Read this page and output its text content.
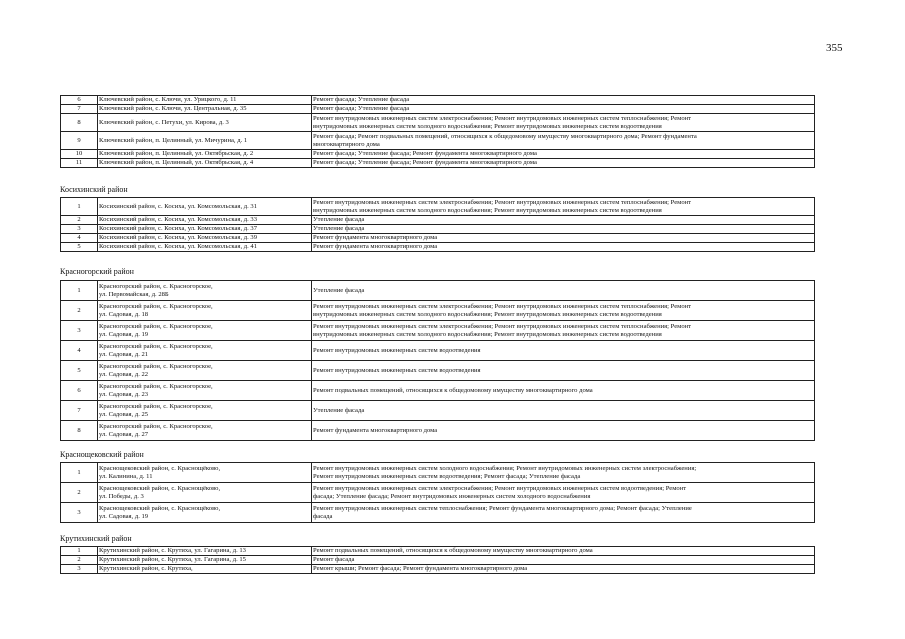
355
6	Ключевский район, с. Ключи, ул. Урицкого, д. 11	Ремонт фасада; Утепление фасада
7	Ключевский район, с. Ключи, ул. Центральная, д. 35	Ремонт фасада; Утепление фасада
8	Ключевский район, с. Петухи, ул. Кирова, д. 3	Ремонт внутридомовых инженерных систем электроснабжения; Ремонт внутридомовых инженерных систем теплоснабжения; Ремонт
внутридомовых инженерных систем холодного водоснабжения; Ремонт внутридомовых инженерных систем водоотведения
9	Ключевский район, п. Целинный, ул. Мичурина, д. 1	Ремонт фасада; Ремонт подвальных помещений, относящихся к общедомовому имуществу многоквартирного дома; Ремонт фундамента
многоквартирного дома
10	Ключевский район, п. Целинный, ул. Октябрьская, д. 2	Ремонт фасада; Утепление фасада; Ремонт фундамента многоквартирного дома
11	Ключевский район, п. Целинный, ул. Октябрьская, д. 4	Ремонт фасада; Утепление фасада; Ремонт фундамента многоквартирного дома
Косихинский район
1	Косихинский район, с. Косиха, ул. Комсомольская, д. 31	Ремонт внутридомовых инженерных систем электроснабжения; Ремонт внутридомовых инженерных систем теплоснабжения; Ремонт
внутридомовых инженерных систем холодного водоснабжения; Ремонт внутридомовых инженерных систем водоотведения
2	Косихинский район, с. Косиха, ул. Комсомольская, д. 33	Утепление фасада
3	Косихинский район, с. Косиха, ул. Комсомольская, д. 37	Утепление фасада
4	Косихинский район, с. Косиха, ул. Комсомольская, д. 39	Ремонт фундамента многоквартирного дома
5	Косихинский район, с. Косиха, ул. Комсомольская, д. 41	Ремонт фундамента многоквартирного дома
Красногорский район
1	Красногорский район, с. Красногорское,
ул. Первомайская, д. 28Б	Утепление фасада
2	Красногорский район, с. Красногорское,
ул. Садовая, д. 18	Ремонт внутридомовых инженерных систем электроснабжения; Ремонт внутридомовых инженерных систем теплоснабжения; Ремонт
внутридомовых инженерных систем холодного водоснабжения; Ремонт внутридомовых инженерных систем водоотведения
3	Красногорский район, с. Красногорское,
ул. Садовая, д. 19	Ремонт внутридомовых инженерных систем электроснабжения; Ремонт внутридомовых инженерных систем теплоснабжения; Ремонт
внутридомовых инженерных систем холодного водоснабжения; Ремонт внутридомовых инженерных систем водоотведения
4	Красногорский район, с. Красногорское,
ул. Садовая, д. 21	Ремонт внутридомовых инженерных систем водоотведения
5	Красногорский район, с. Красногорское,
ул. Садовая, д. 22	Ремонт внутридомовых инженерных систем водоотведения
6	Красногорский район, с. Красногорское,
ул. Садовая, д. 23	Ремонт подвальных помещений, относящихся к общедомовому имуществу многоквартирного дома
7	Красногорский район, с. Красногорское,
ул. Садовая, д. 25	Утепление фасада
8	Красногорский район, с. Красногорское,
ул. Садовая, д. 27	Ремонт фундамента многоквартирного дома
Краснощековский район
1	Краснощековский район, с. Краснощёково,
ул. Калинина, д. 11	Ремонт внутридомовых инженерных систем холодного водоснабжения; Ремонт внутридомовых инженерных систем электроснабжения;
Ремонт внутридомовых инженерных систем водоотведения; Ремонт фасада; Утепление фасада
2	Краснощековский район, с. Краснощёково,
ул. Победы, д. 3	Ремонт внутридомовых инженерных систем электроснабжения; Ремонт внутридомовых инженерных систем водоотведения; Ремонт
фасада; Утепление фасада; Ремонт внутридомовых инженерных систем холодного водоснабжения
3	Краснощековский район, с. Краснощёково,
ул. Садовая, д. 19	Ремонт внутридомовых инженерных систем теплоснабжения; Ремонт фундамента многоквартирного дома; Ремонт фасада; Утепление
фасада
Крутихинский район
1	Крутихинский район, с. Крутиха, ул. Гагарина, д. 13	Ремонт подвальных помещений, относящихся к общедомовому имуществу многоквартирного дома
2	Крутихинский район, с. Крутиха, ул. Гагарина, д. 15	Ремонт фасада
3	Крутихинский район, с. Крутиха,	Ремонт крыши; Ремонт фасада; Ремонт фундамента многоквартирного дома
